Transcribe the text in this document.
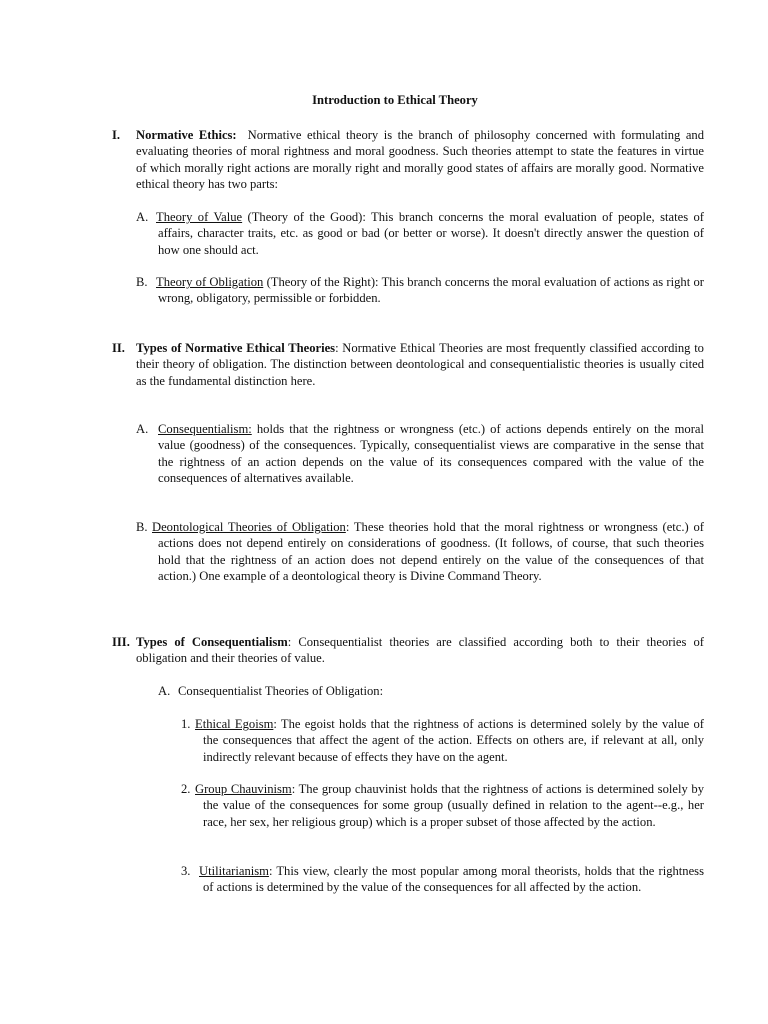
Introduction to Ethical Theory
I. Normative Ethics: Normative ethical theory is the branch of philosophy concerned with formulating and evaluating theories of moral rightness and moral goodness. Such theories attempt to state the features in virtue of which morally right actions are morally right and morally good states of affairs are morally good. Normative ethical theory has two parts:
A. Theory of Value (Theory of the Good): This branch concerns the moral evaluation of people, states of affairs, character traits, etc. as good or bad (or better or worse). It doesn't directly answer the question of how one should act.
B. Theory of Obligation (Theory of the Right): This branch concerns the moral evaluation of actions as right or wrong, obligatory, permissible or forbidden.
II. Types of Normative Ethical Theories: Normative Ethical Theories are most frequently classified according to their theory of obligation. The distinction between deontological and consequentialistic theories is usually cited as the fundamental distinction here.
A. Consequentialism: holds that the rightness or wrongness (etc.) of actions depends entirely on the moral value (goodness) of the consequences. Typically, consequentialist views are comparative in the sense that the rightness of an action depends on the value of its consequences compared with the value of the consequences of alternatives available.
B. Deontological Theories of Obligation: These theories hold that the moral rightness or wrongness (etc.) of actions does not depend entirely on considerations of goodness. (It follows, of course, that such theories hold that the rightness of an action does not depend entirely on the value of the consequences of that action.) One example of a deontological theory is Divine Command Theory.
III. Types of Consequentialism: Consequentialist theories are classified according both to their theories of obligation and their theories of value.
A. Consequentialist Theories of Obligation:
1. Ethical Egoism: The egoist holds that the rightness of actions is determined solely by the value of the consequences that affect the agent of the action. Effects on others are, if relevant at all, only indirectly relevant because of effects they have on the agent.
2. Group Chauvinism: The group chauvinist holds that the rightness of actions is determined solely by the value of the consequences for some group (usually defined in relation to the agent--e.g., her race, her sex, her religious group) which is a proper subset of those affected by the action.
3. Utilitarianism: This view, clearly the most popular among moral theorists, holds that the rightness of actions is determined by the value of the consequences for all affected by the action.
